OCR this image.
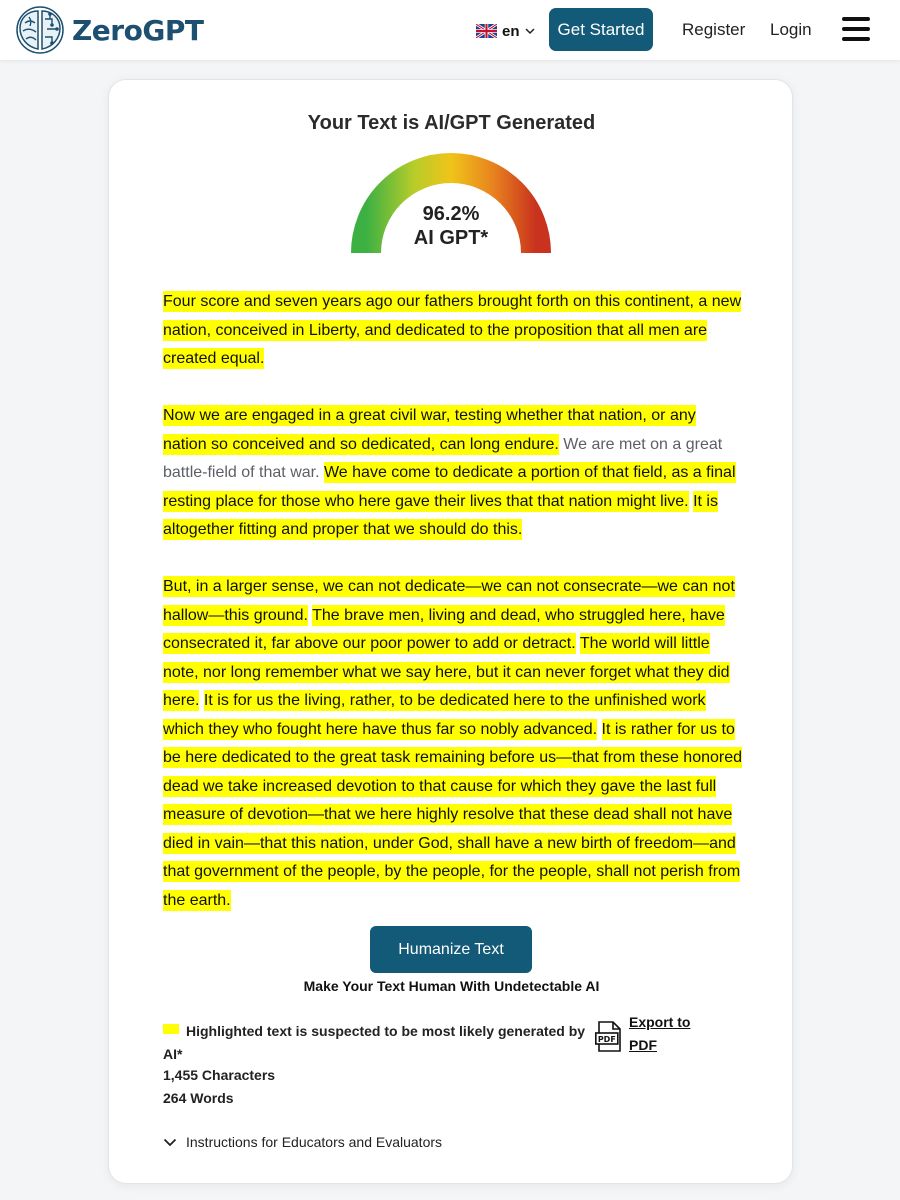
ZeroGPT	en	Get Started	Register Login
Your Text is AI/GPT Generated
96.2%
AI GPT*

Four score and seven years ago our fathers brought forth on this continent, a new nation, conceived in Liberty, and dedicated to the proposition that all men are created equal.

Now we are engaged in a great civil war, testing whether that nation, or any nation so conceived and so dedicated, can long endure. We are met on a great battle-field of that war. We have come to dedicate a portion of that field, as a final resting place for those who here gave their lives that that nation might live. It is altogether fitting and proper that we should do this.

But, in a larger sense, we can not dedicate—we can not consecrate—we can not hallow—this ground. The brave men, living and dead, who struggled here, have consecrated it, far above our poor power to add or detract. The world will little note, nor long remember what we say here, but it can never forget what they did here. It is for us the living, rather, to be dedicated here to the unfinished work which they who fought here have thus far so nobly advanced. It is rather for us to be here dedicated to the great task remaining before us—that from these honored dead we take increased devotion to that cause for which they gave the last full measure of devotion—that we here highly resolve that these dead shall not have died in vain—that this nation, under God, shall have a new birth of freedom—and that government of the people, by the people, for the people, shall not perish from the earth.

Humanize Text
Make Your Text Human With Undetectable AI
Highlighted text is suspected to be most likely generated by AI*
1,455 Characters
264 Words
PDF
Export to PDF
Instructions for Educators and Evaluators
